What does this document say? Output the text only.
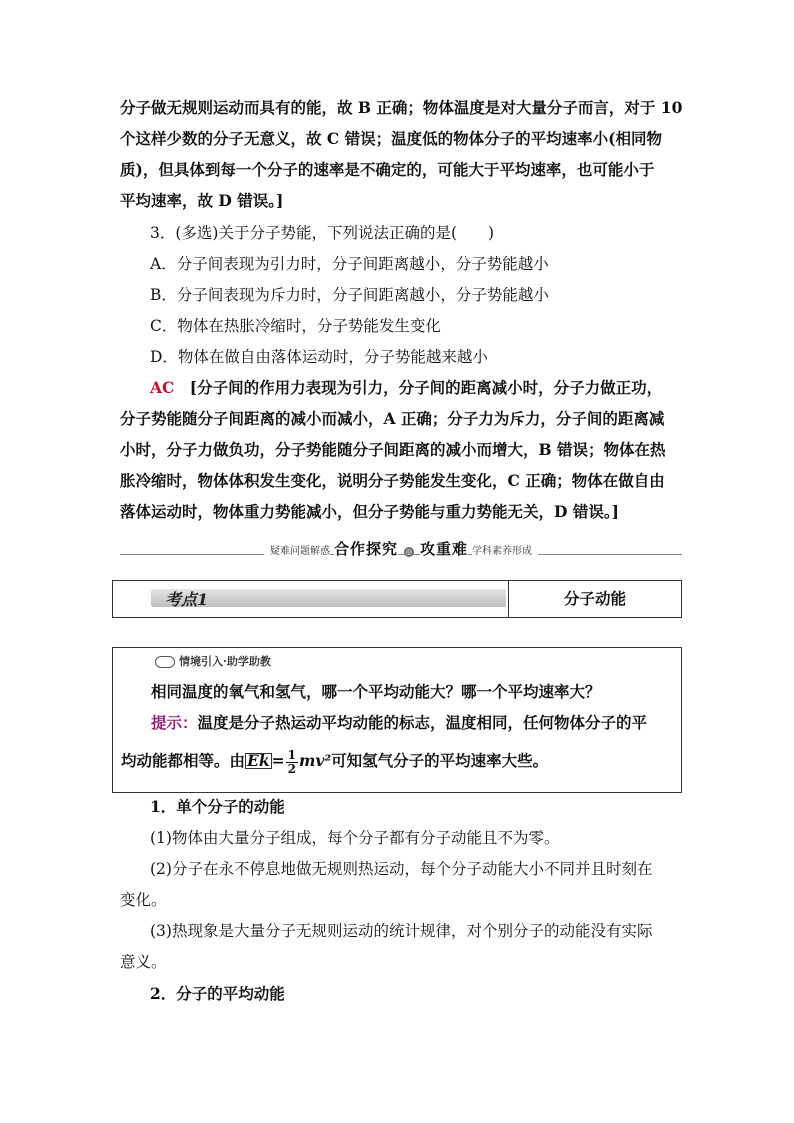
分子做无规则运动而具有的能，故 B 正确；物体温度是对大量分子而言，对于 10
个这样少数的分子无意义，故 C 错误；温度低的物体分子的平均速率小(相同物
质)，但具体到每一个分子的速率是不确定的，可能大于平均速率，也可能小于
平均速率，故 D 错误。]
3．(多选)关于分子势能，下列说法正确的是(　　)
A．分子间表现为引力时，分子间距离越小，分子势能越小
B．分子间表现为斥力时，分子间距离越小，分子势能越小
C．物体在热胀冷缩时，分子势能发生变化
D．物体在做自由落体运动时，分子势能越来越小
AC [分子间的作用力表现为引力，分子间的距离减小时，分子力做正功，
分子势能随分子间距离的减小而减小，A 正确；分子力为斥力，分子间的距离减
小时，分子力做负功，分子势能随分子间距离的减小而增大，B 错误；物体在热
胀冷缩时，物体体积发生变化，说明分子势能发生变化，C 正确；物体在做自由
落体运动时，物体重力势能减小，但分子势能与重力势能无关，D 错误。]
疑难问题解惑 合作探究 ◎ 攻重难 学科素养形成
考点1	分子动能
情境引入·助学助教
相同温度的氧气和氢气，哪一个平均动能大？哪一个平均速率大？
提示：温度是分子热运动平均动能的标志，温度相同，任何物体分子的平
均动能都相等。由 $Ek = \frac{1}{2} mv^2$可知氢气分子的平均速率大些。
1．单个分子的动能
(1)物体由大量分子组成，每个分子都有分子动能且不为零。
(2)分子在永不停息地做无规则热运动，每个分子动能大小不同并且时刻在
变化。
(3)热现象是大量分子无规则运动的统计规律，对个别分子的动能没有实际
意义。
2．分子的平均动能
